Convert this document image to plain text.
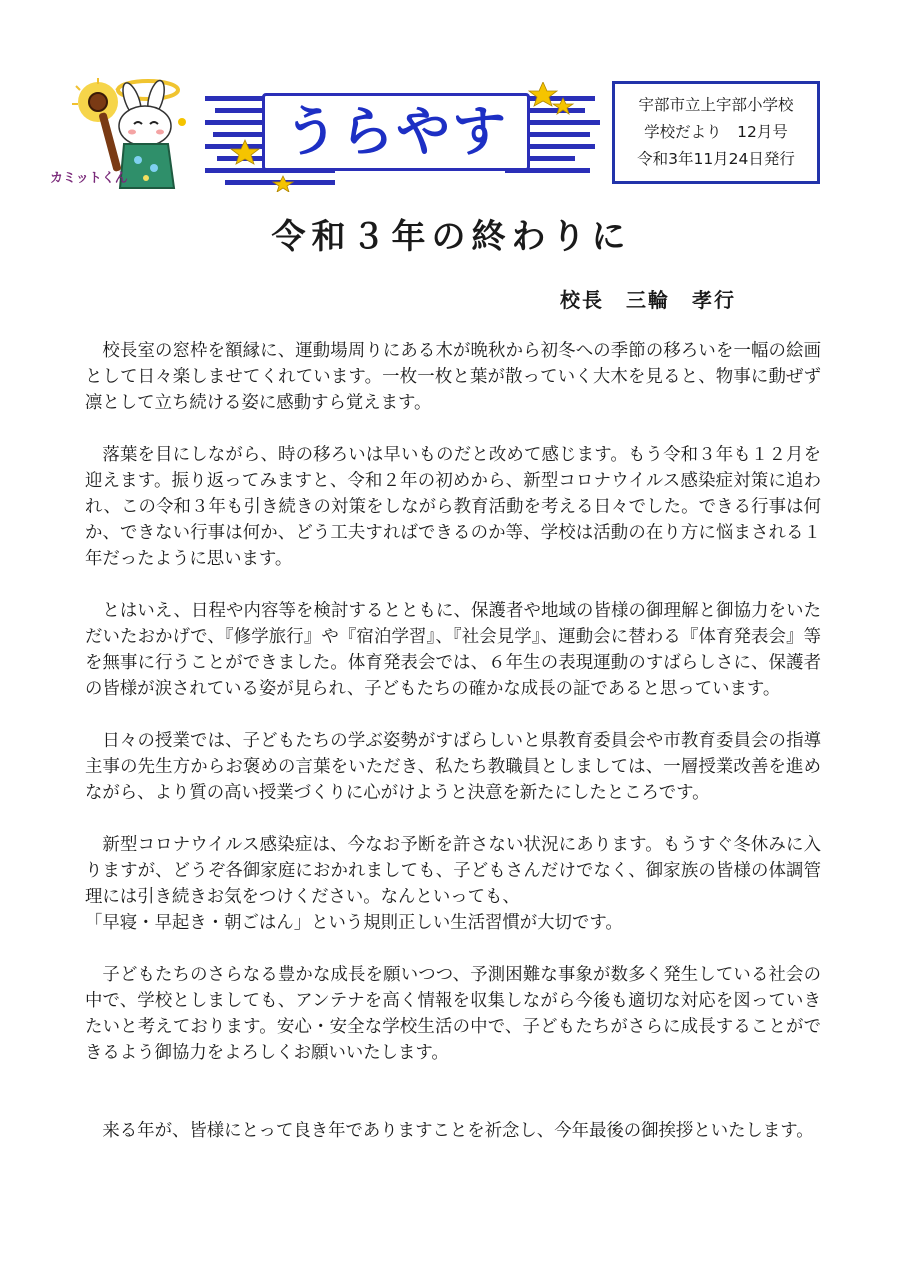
カミットくん
うらやす	宇部市立上宇部小学校
学校だより　12月号
令和3年11月24日発行
令和３年の終わりに
校長　三輪　孝行

校長室の窓枠を額縁に、運動場周りにある木が晩秋から初冬への季節の移ろいを一幅の絵画として日々楽しませてくれています。一枚一枚と葉が散っていく大木を見ると、物事に動ぜず凛として立ち続ける姿に感動すら覚えます。

落葉を目にしながら、時の移ろいは早いものだと改めて感じます。もう令和３年も１２月を迎えます。振り返ってみますと、令和２年の初めから、新型コロナウイルス感染症対策に追われ、この令和３年も引き続きの対策をしながら教育活動を考える日々でした。できる行事は何か、できない行事は何か、どう工夫すればできるのか等、学校は活動の在り方に悩まされる１年だったように思います。

とはいえ、日程や内容等を検討するとともに、保護者や地域の皆様の御理解と御協力をいただいたおかげで、『修学旅行』や『宿泊学習』、『社会見学』、運動会に替わる『体育発表会』等を無事に行うことができました。体育発表会では、６年生の表現運動のすばらしさに、保護者の皆様が涙されている姿が見られ、子どもたちの確かな成長の証であると思っています。

日々の授業では、子どもたちの学ぶ姿勢がすばらしいと県教育委員会や市教育委員会の指導主事の先生方からお褒めの言葉をいただき、私たち教職員としましては、一層授業改善を進めながら、より質の高い授業づくりに心がけようと決意を新たにしたところです。

新型コロナウイルス感染症は、今なお予断を許さない状況にあります。もうすぐ冬休みに入りますが、どうぞ各御家庭におかれましても、子どもさんだけでなく、御家族の皆様の体調管理には引き続きお気をつけください。なんといっても、

「早寝・早起き・朝ごはん」という規則正しい生活習慣が大切です。

子どもたちのさらなる豊かな成長を願いつつ、予測困難な事象が数多く発生している社会の中で、学校としましても、アンテナを高く情報を収集しながら今後も適切な対応を図っていきたいと考えております。安心・安全な学校生活の中で、子どもたちがさらに成長することができるよう御協力をよろしくお願いいたします。

来る年が、皆様にとって良き年でありますことを祈念し、今年最後の御挨拶といたします。
